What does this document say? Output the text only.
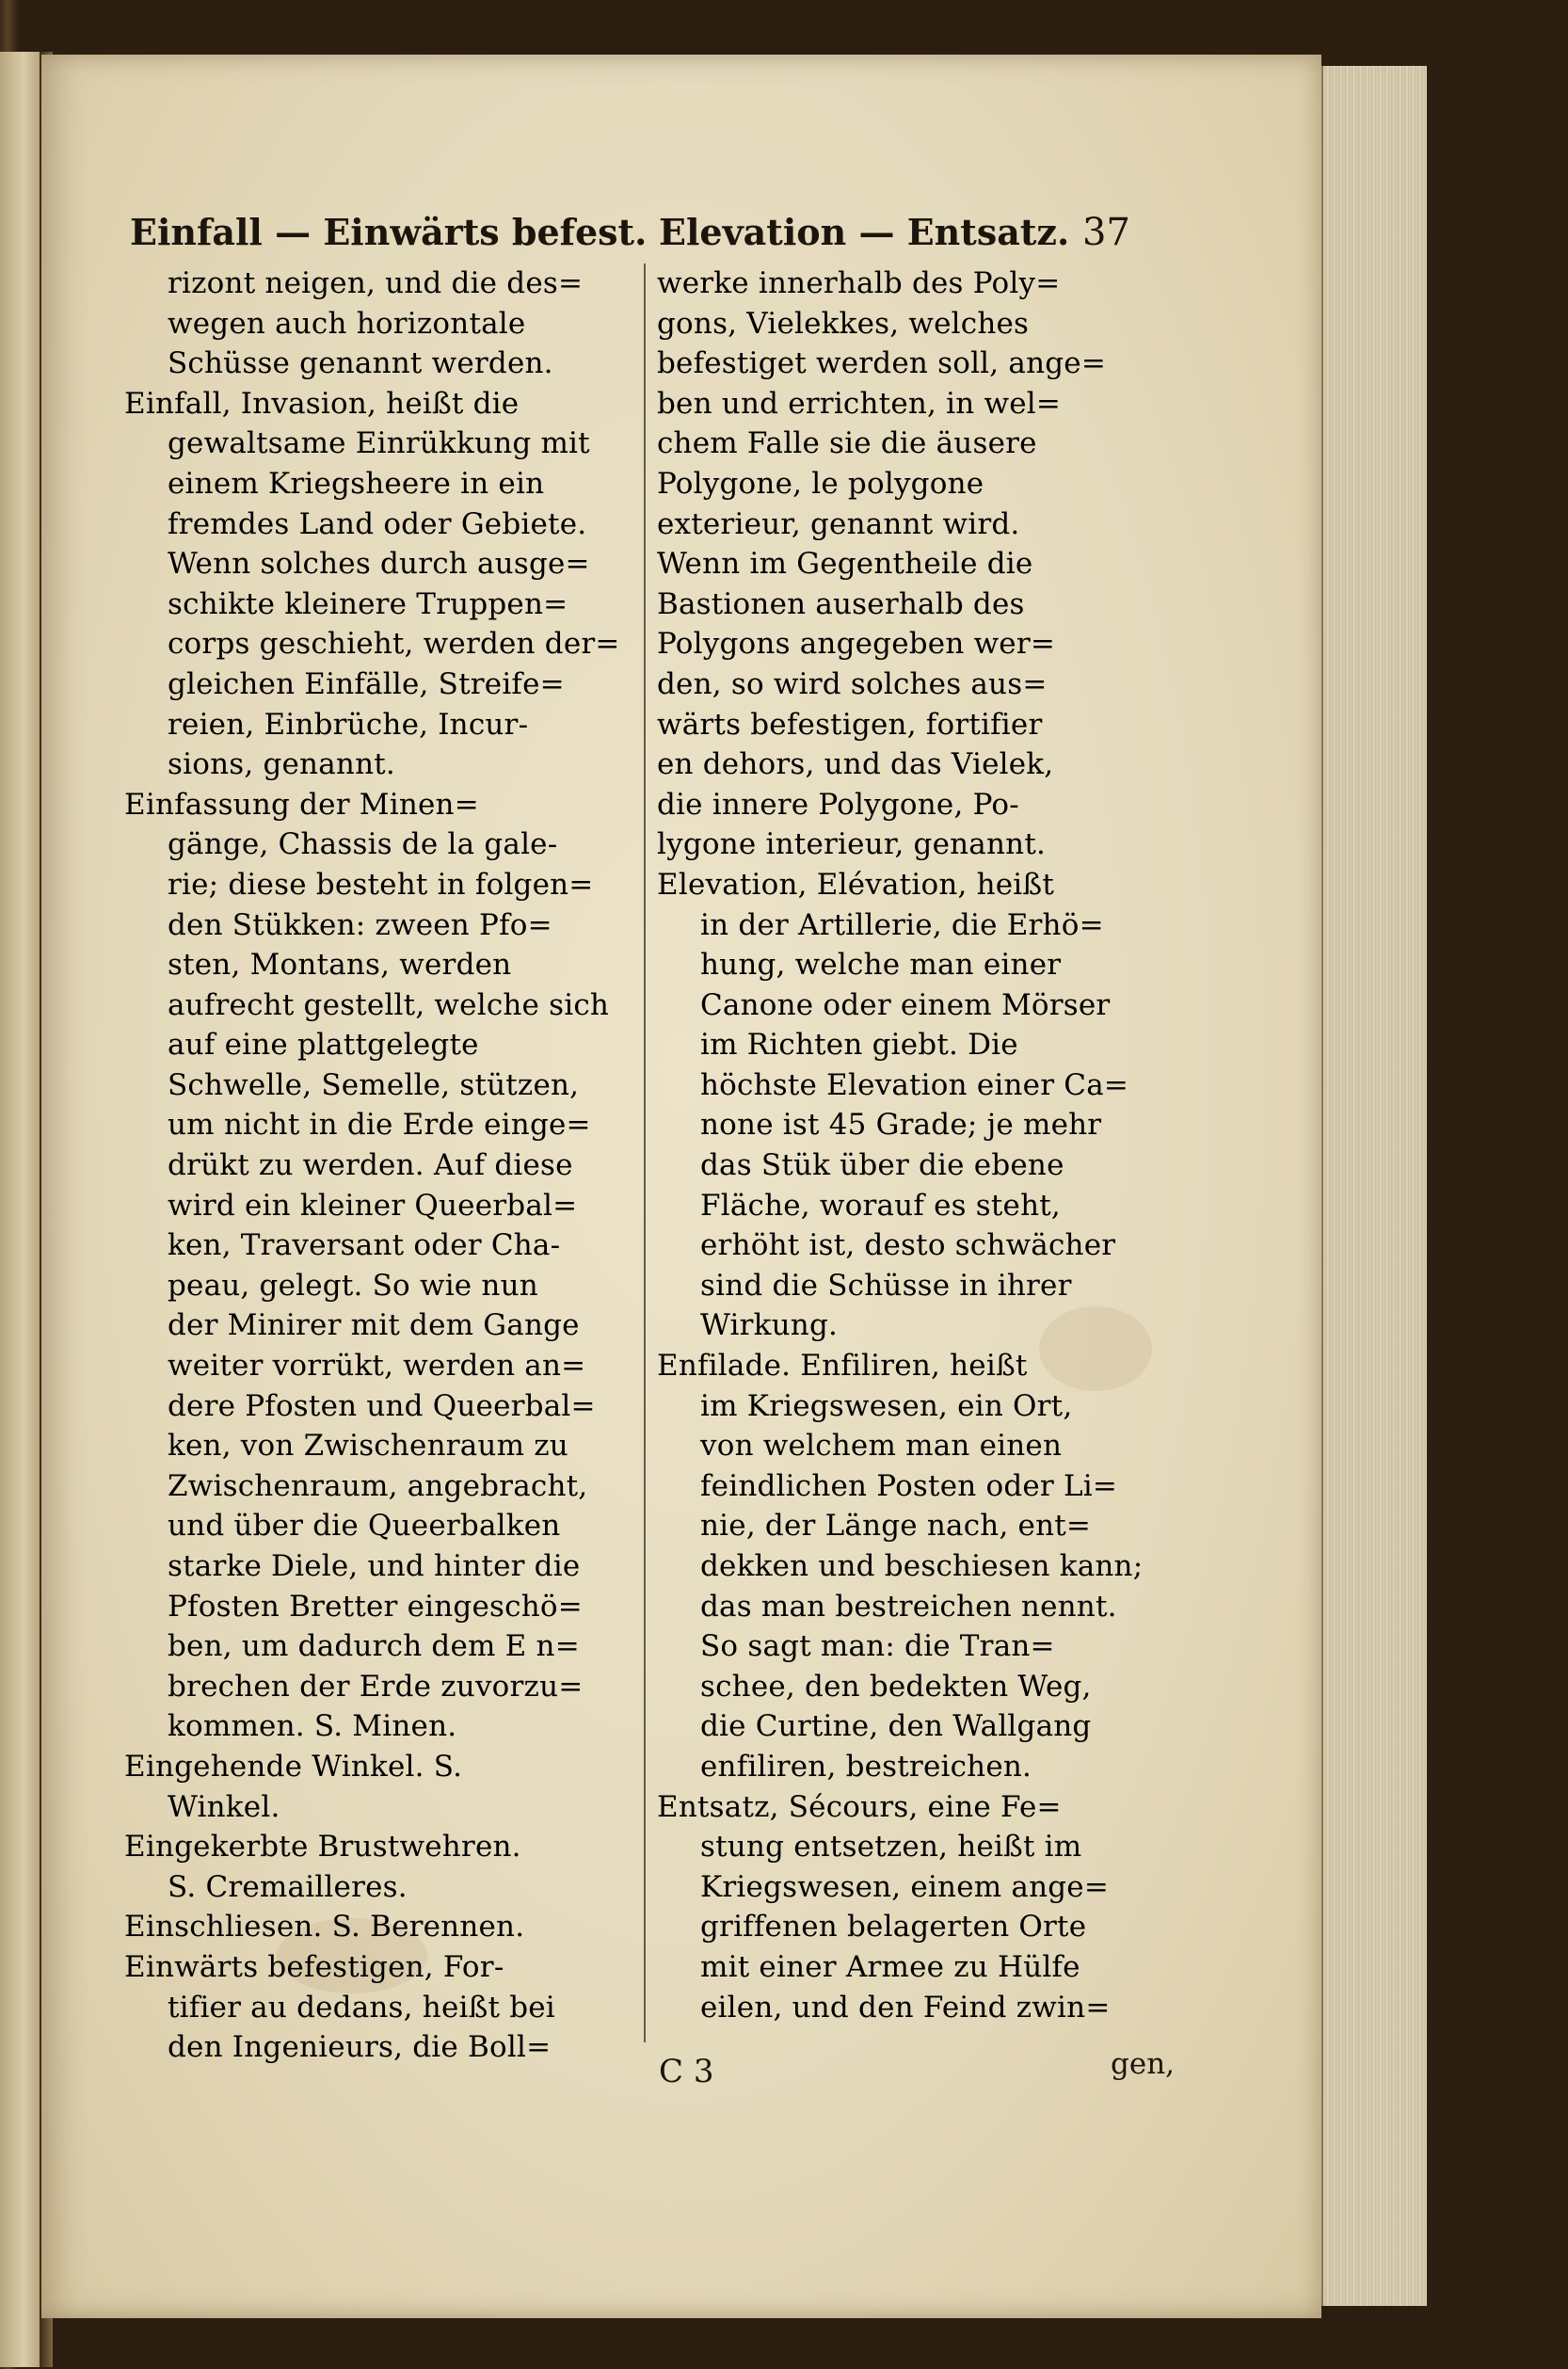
Einfall — Einwärts befest. Elevation — Entsatz. 37
rizont neigen, und die des=
wegen auch horizontale
Schüsse genannt werden.
Einfall, Invasion, heißt die
gewaltsame Einrükkung mit
einem Kriegsheere in ein
fremdes Land oder Gebiete.
Wenn solches durch ausge=
schikte kleinere Truppen=
corps geschieht, werden der=
gleichen Einfälle, Streife=
reien, Einbrüche, Incur-
sions, genannt.
Einfassung der Minen=
gänge, Chassis de la gale-
rie; diese besteht in folgen=
den Stükken: zween Pfo=
sten, Montans, werden
aufrecht gestellt, welche sich
auf eine plattgelegte
Schwelle, Semelle, stützen,
um nicht in die Erde einge=
drükt zu werden. Auf diese
wird ein kleiner Queerbal=
ken, Traversant oder Cha-
peau, gelegt. So wie nun
der Minirer mit dem Gange
weiter vorrükt, werden an=
dere Pfosten und Queerbal=
ken, von Zwischenraum zu
Zwischenraum, angebracht,
und über die Queerbalken
starke Diele, und hinter die
Pfosten Bretter eingeschö=
ben, um dadurch dem E n=
brechen der Erde zuvorzu=
kommen. S. Minen.
Eingehende Winkel. S.
Winkel.
Eingekerbte Brustwehren.
S. Cremailleres.
Einschliesen. S. Berennen.
Einwärts befestigen, For-
tifier au dedans, heißt bei
den Ingenieurs, die Boll=
werke innerhalb des Poly=
gons, Vielekkes, welches
befestiget werden soll, ange=
ben und errichten, in wel=
chem Falle sie die äusere
Polygone, le polygone
exterieur, genannt wird.
Wenn im Gegentheile die
Bastionen auserhalb des
Polygons angegeben wer=
den, so wird solches aus=
wärts befestigen, fortifier
en dehors, und das Vielek,
die innere Polygone, Po-
lygone interieur, genannt.
Elevation, Elévation, heißt
in der Artillerie, die Erhö=
hung, welche man einer
Canone oder einem Mörser
im Richten giebt. Die
höchste Elevation einer Ca=
none ist 45 Grade; je mehr
das Stük über die ebene
Fläche, worauf es steht,
erhöht ist, desto schwächer
sind die Schüsse in ihrer
Wirkung.
Enfilade. Enfiliren, heißt
im Kriegswesen, ein Ort,
von welchem man einen
feindlichen Posten oder Li=
nie, der Länge nach, ent=
dekken und beschiesen kann;
das man bestreichen nennt.
So sagt man: die Tran=
schee, den bedekten Weg,
die Curtine, den Wallgang
enfiliren, bestreichen.
Entsatz, Sécours, eine Fe=
stung entsetzen, heißt im
Kriegswesen, einem ange=
griffenen belagerten Orte
mit einer Armee zu Hülfe
eilen, und den Feind zwin=
C 3	gen,
